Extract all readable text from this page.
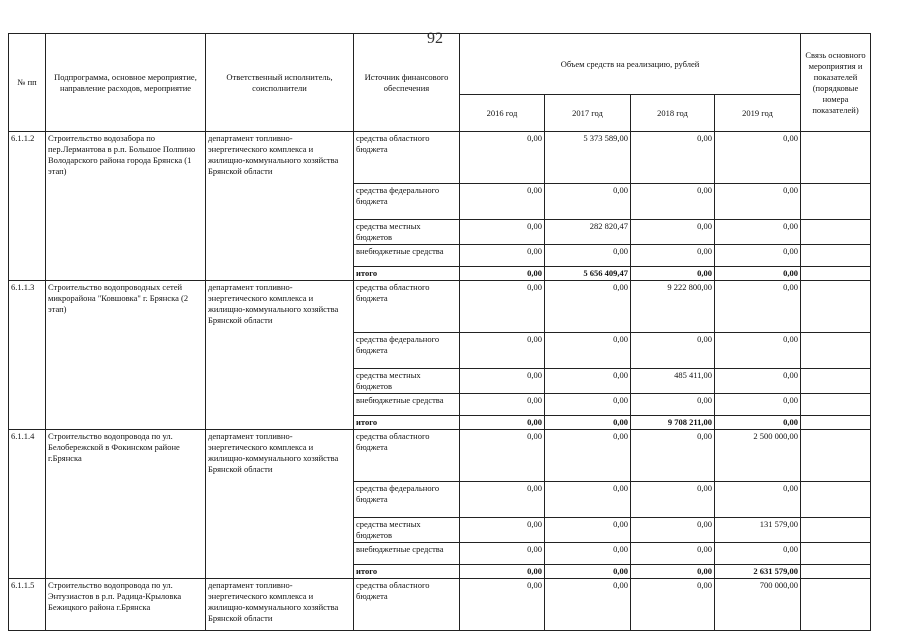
92
№ пп	Подпрограмма, основное мероприятие, направление расходов, мероприятие	Ответственный исполнитель, соисполнители	Источник финансового обеспечения	Объем средств на реализацию, рублей				Связь основного мероприятия и показателей (порядковые номера показателей)
				2016 год	2017 год	2018 год	2019 год	
6.1.1.2	Строительство водозабора по пер.Лермантова в р.п. Большое Полпино Володарского района города Брянска (1 этап)	департамент топливно-энергетического комплекса и жилищно-коммунального хозяйства Брянской области	средства областного бюджета	0,00	5 373 589,00	0,00	0,00	
			средства федерального бюджета	0,00	0,00	0,00	0,00	
			средства местных бюджетов	0,00	282 820,47	0,00	0,00	
			внебюджетные средства	0,00	0,00	0,00	0,00	
			итого	0,00	5 656 409,47	0,00	0,00	
6.1.1.3	Строительство водопроводных сетей микрорайона "Ковшовка" г. Брянска (2 этап)	департамент топливно-энергетического комплекса и жилищно-коммунального хозяйства Брянской области	средства областного бюджета	0,00	0,00	9 222 800,00	0,00	
			средства федерального бюджета	0,00	0,00	0,00	0,00	
			средства местных бюджетов	0,00	0,00	485 411,00	0,00	
			внебюджетные средства	0,00	0,00	0,00	0,00	
			итого	0,00	0,00	9 708 211,00	0,00	
6.1.1.4	Строительство водопровода по ул. Белобережской в Фокинском районе г.Брянска	департамент топливно-энергетического комплекса и жилищно-коммунального хозяйства Брянской области	средства областного бюджета	0,00	0,00	0,00	2 500 000,00	
			средства федерального бюджета	0,00	0,00	0,00	0,00	
			средства местных бюджетов	0,00	0,00	0,00	131 579,00	
			внебюджетные средства	0,00	0,00	0,00	0,00	
			итого	0,00	0,00	0,00	2 631 579,00	
6.1.1.5	Строительство водопровода по ул. Энтузиастов в р.п. Радица-Крыловка Бежицкого района г.Брянска	департамент топливно-энергетического комплекса и жилищно-коммунального хозяйства Брянской области	средства областного бюджета	0,00	0,00	0,00	700 000,00	
